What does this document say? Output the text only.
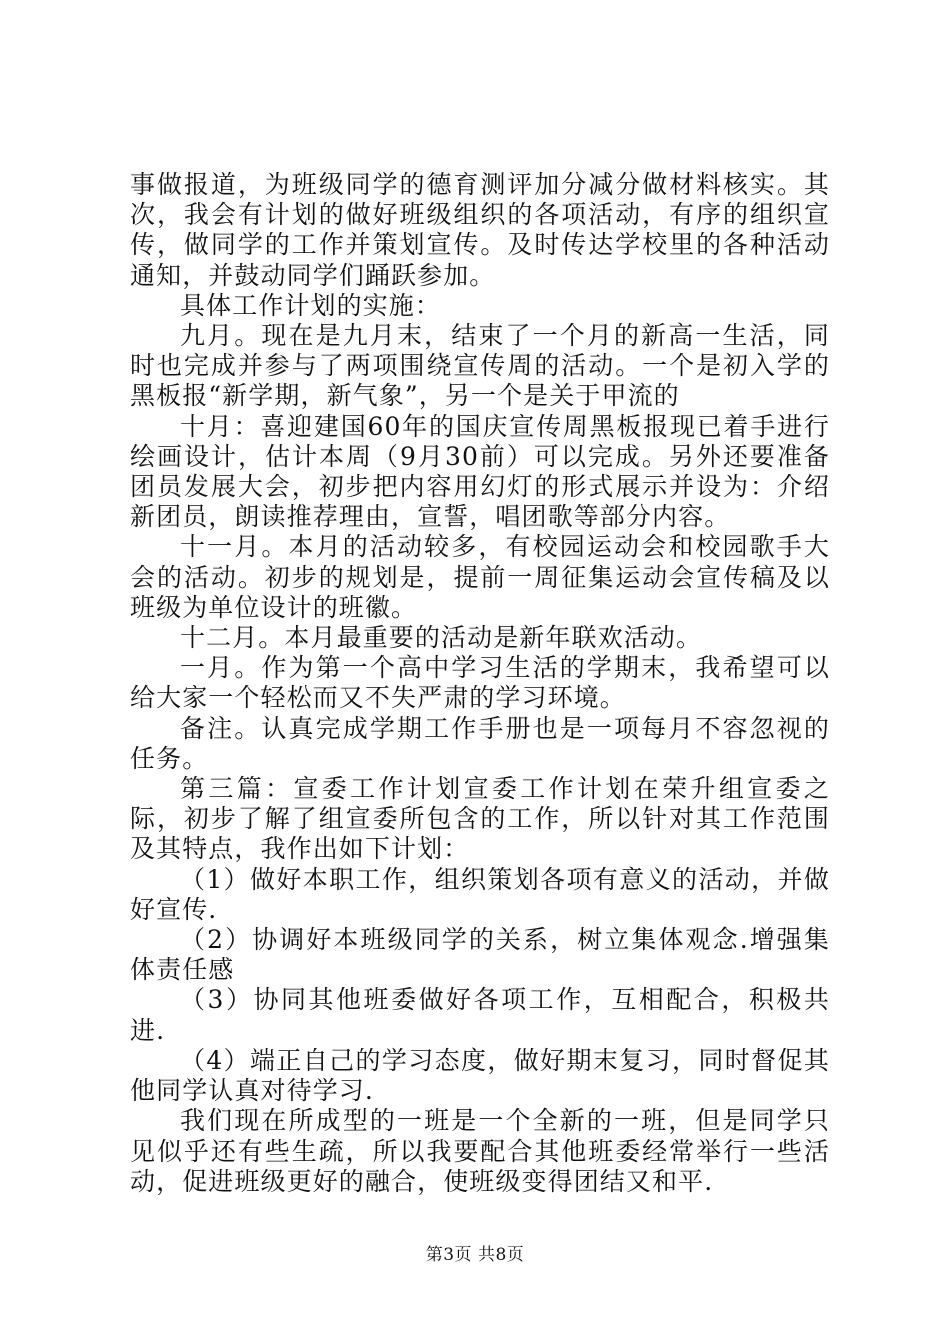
事做报道，为班级同学的德育测评加分减分做材料核实。其次，我会有计划的做好班级组织的各项活动，有序的组织宣传，做同学的工作并策划宣传。及时传达学校里的各种活动通知，并鼓动同学们踊跃参加。

具体工作计划的实施：

九月。现在是九月末，结束了一个月的新高一生活，同时也完成并参与了两项围绕宣传周的活动。一个是初入学的黑板报“新学期，新气象”，另一个是关于甲流的

十月：喜迎建国60年的国庆宣传周黑板报现已着手进行绘画设计，估计本周（9月30前）可以完成。另外还要准备团员发展大会，初步把内容用幻灯的形式展示并设为：介绍新团员，朗读推荐理由，宣誓，唱团歌等部分内容。

十一月。本月的活动较多，有校园运动会和校园歌手大会的活动。初步的规划是，提前一周征集运动会宣传稿及以班级为单位设计的班徽。

十二月。本月最重要的活动是新年联欢活动。

一月。作为第一个高中学习生活的学期末，我希望可以给大家一个轻松而又不失严肃的学习环境。

备注。认真完成学期工作手册也是一项每月不容忽视的任务。

第三篇：宣委工作计划宣委工作计划在荣升组宣委之际，初步了解了组宣委所包含的工作，所以针对其工作范围及其特点，我作出如下计划：

（1）做好本职工作，组织策划各项有意义的活动，并做好宣传.

（2）协调好本班级同学的关系，树立集体观念.增强集体责任感

（3）协同其他班委做好各项工作，互相配合，积极共进.

（4）端正自己的学习态度，做好期末复习，同时督促其他同学认真对待学习.

我们现在所成型的一班是一个全新的一班，但是同学只见似乎还有些生疏，所以我要配合其他班委经常举行一些活动，促进班级更好的融合，使班级变得团结又和平.

第3页 共8页
